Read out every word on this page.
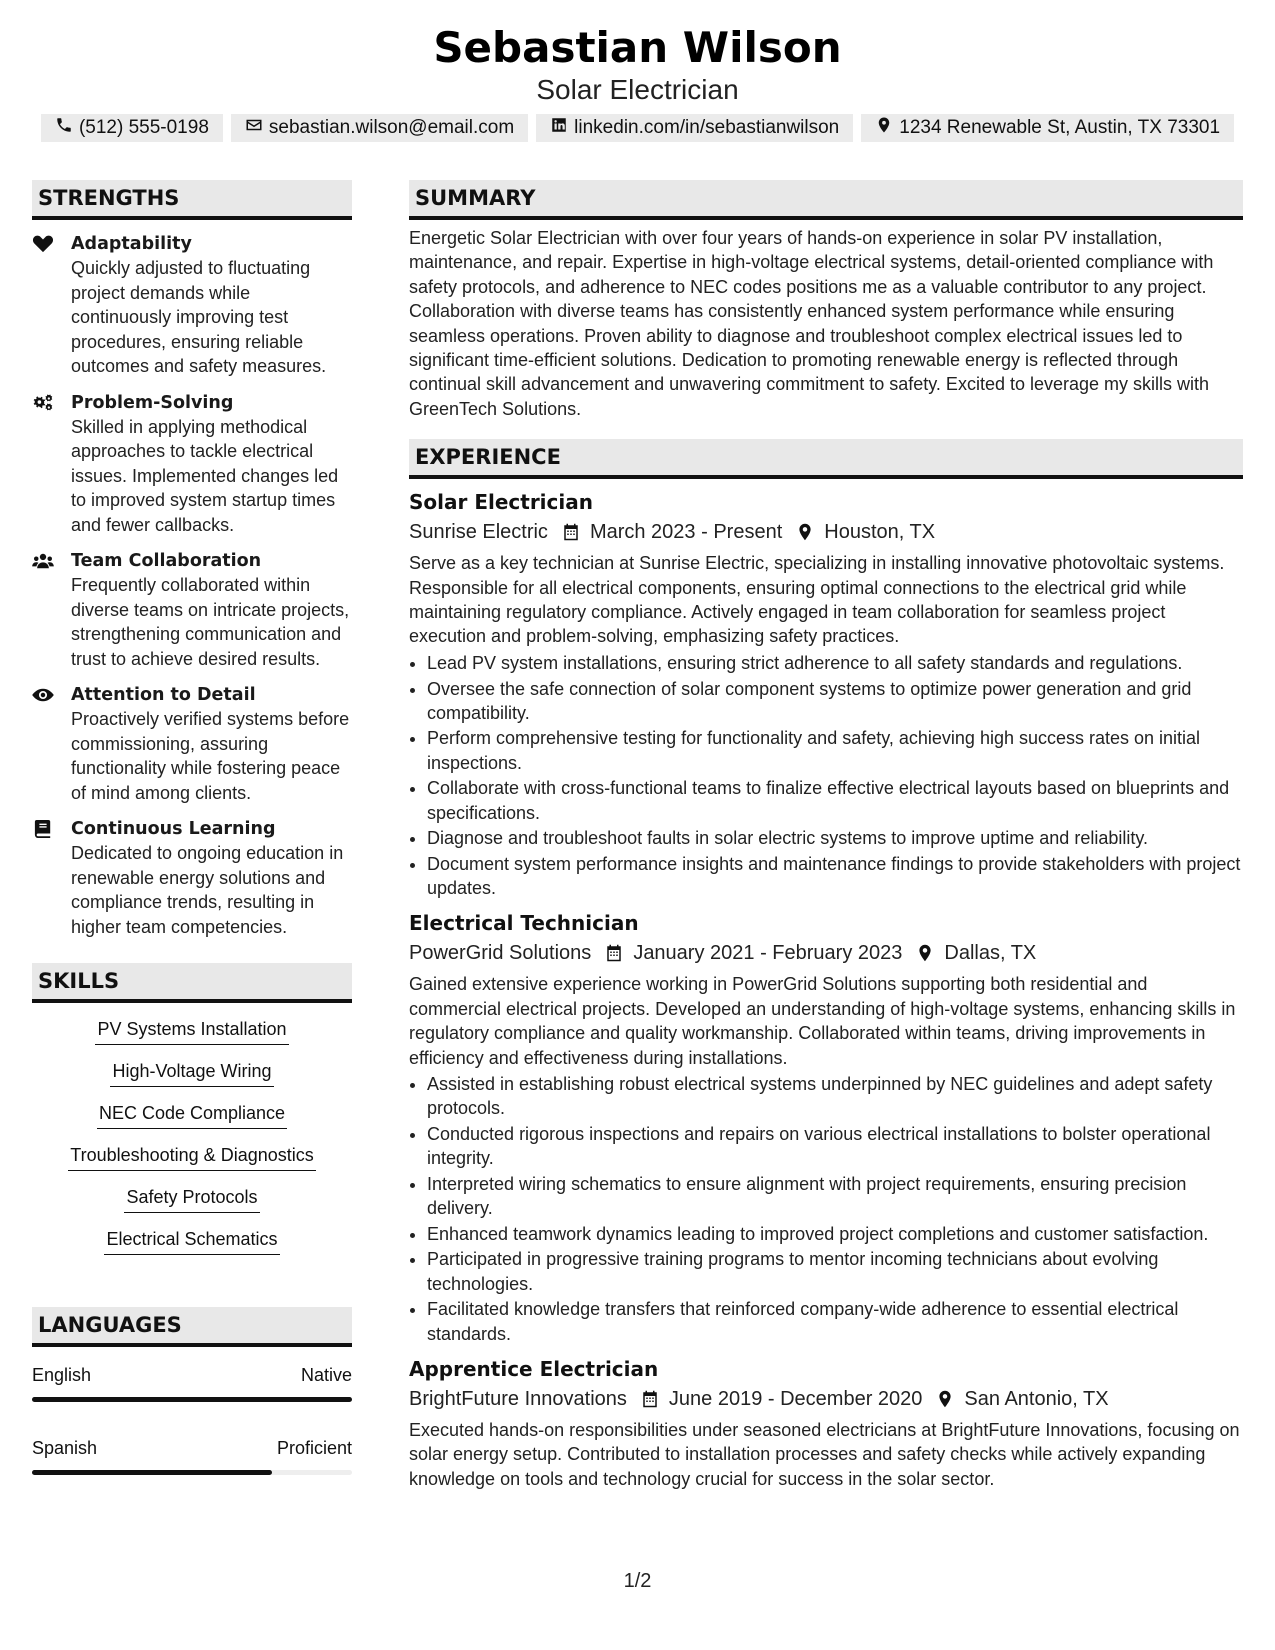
Sebastian Wilson
Solar Electrician
(512) 555-0198	sebastian.wilson@email.com	linkedin.com/in/sebastianwilson	1234 Renewable St, Austin, TX 73301
STRENGTHS
Adaptability
Quickly adjusted to fluctuating project demands while continuously improving test procedures, ensuring reliable outcomes and safety measures.
Problem-Solving
Skilled in applying methodical approaches to tackle electrical issues. Implemented changes led to improved system startup times and fewer callbacks.
Team Collaboration
Frequently collaborated within diverse teams on intricate projects, strengthening communication and trust to achieve desired results.
Attention to Detail
Proactively verified systems before commissioning, assuring functionality while fostering peace of mind among clients.
Continuous Learning
Dedicated to ongoing education in renewable energy solutions and compliance trends, resulting in higher team competencies.
SKILLS
PV Systems Installation
High-Voltage Wiring
NEC Code Compliance
Troubleshooting & Diagnostics
Safety Protocols
Electrical Schematics
LANGUAGES
English	Native
Spanish	Proficient
SUMMARY
Energetic Solar Electrician with over four years of hands-on experience in solar PV installation, maintenance, and repair. Expertise in high-voltage electrical systems, detail-oriented compliance with safety protocols, and adherence to NEC codes positions me as a valuable contributor to any project. Collaboration with diverse teams has consistently enhanced system performance while ensuring seamless operations. Proven ability to diagnose and troubleshoot complex electrical issues led to significant time-efficient solutions. Dedication to promoting renewable energy is reflected through continual skill advancement and unwavering commitment to safety. Excited to leverage my skills with GreenTech Solutions.
EXPERIENCE
Solar Electrician
Sunrise Electric March 2023 - Present Houston, TX
Serve as a key technician at Sunrise Electric, specializing in installing innovative photovoltaic systems. Responsible for all electrical components, ensuring optimal connections to the electrical grid while maintaining regulatory compliance. Actively engaged in team collaboration for seamless project execution and problem-solving, emphasizing safety practices.
• Lead PV system installations, ensuring strict adherence to all safety standards and regulations.
• Oversee the safe connection of solar component systems to optimize power generation and grid compatibility.
• Perform comprehensive testing for functionality and safety, achieving high success rates on initial inspections.
• Collaborate with cross-functional teams to finalize effective electrical layouts based on blueprints and specifications.
• Diagnose and troubleshoot faults in solar electric systems to improve uptime and reliability.
• Document system performance insights and maintenance findings to provide stakeholders with project updates.
Electrical Technician
PowerGrid Solutions January 2021 - February 2023 Dallas, TX
Gained extensive experience working in PowerGrid Solutions supporting both residential and commercial electrical projects. Developed an understanding of high-voltage systems, enhancing skills in regulatory compliance and quality workmanship. Collaborated within teams, driving improvements in efficiency and effectiveness during installations.
• Assisted in establishing robust electrical systems underpinned by NEC guidelines and adept safety protocols.
• Conducted rigorous inspections and repairs on various electrical installations to bolster operational integrity.
• Interpreted wiring schematics to ensure alignment with project requirements, ensuring precision delivery.
• Enhanced teamwork dynamics leading to improved project completions and customer satisfaction.
• Participated in progressive training programs to mentor incoming technicians about evolving technologies.
• Facilitated knowledge transfers that reinforced company-wide adherence to essential electrical standards.
Apprentice Electrician
BrightFuture Innovations June 2019 - December 2020 San Antonio, TX
Executed hands-on responsibilities under seasoned electricians at BrightFuture Innovations, focusing on solar energy setup. Contributed to installation processes and safety checks while actively expanding knowledge on tools and technology crucial for success in the solar sector.
1/2
